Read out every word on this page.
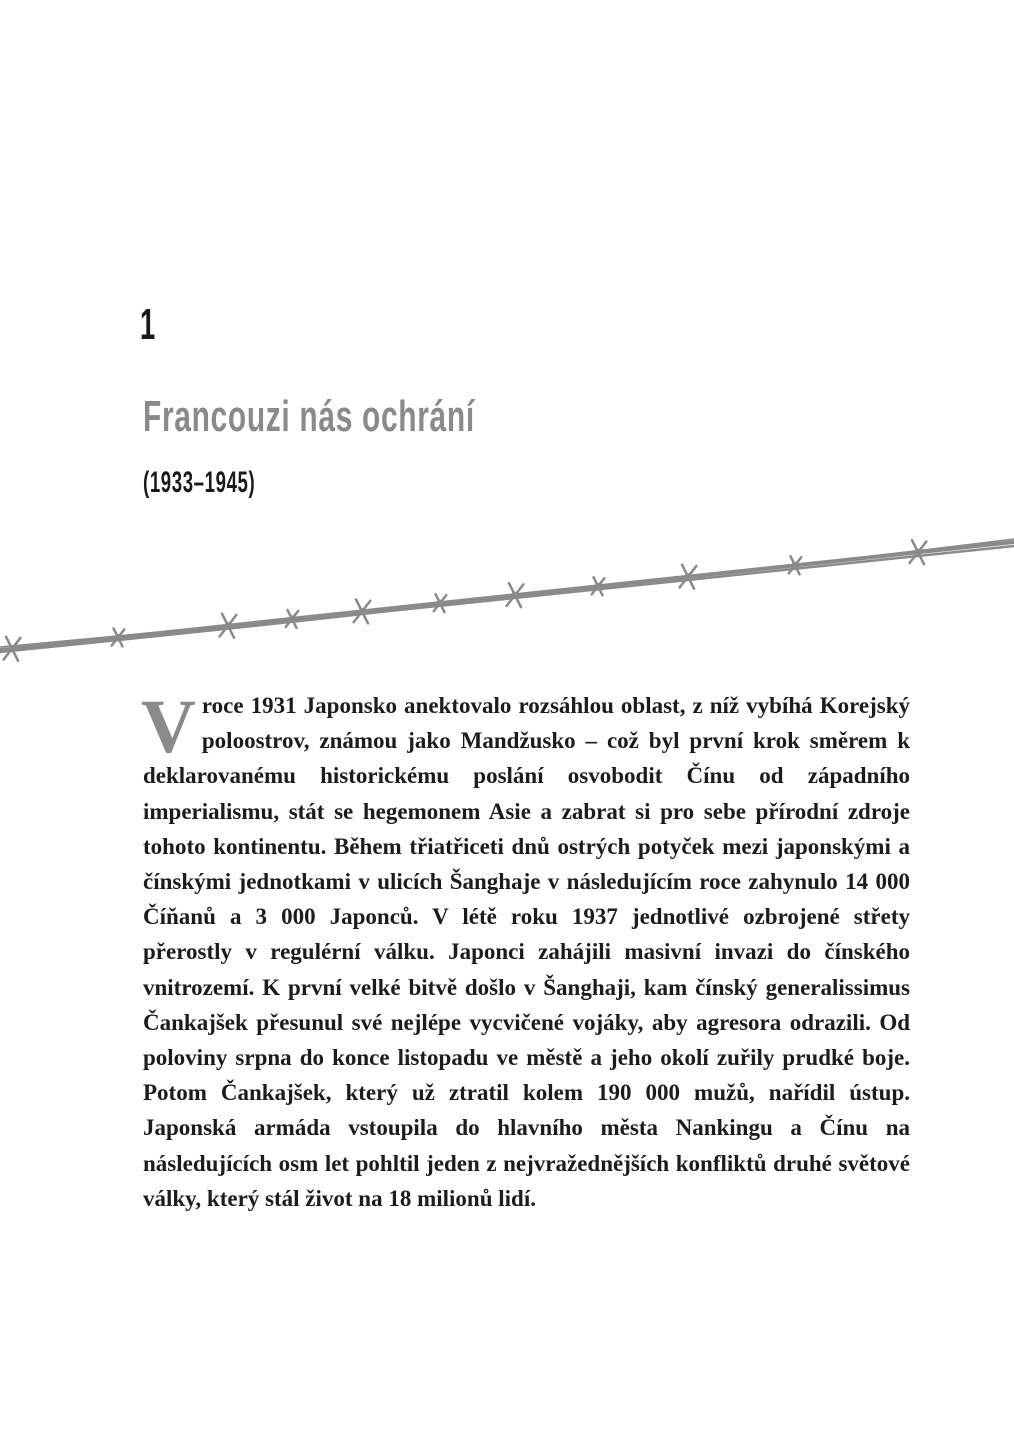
1
Francouzi nás ochrání
(1933–1945)
V roce 1931 Japonsko anektovalo rozsáhlou oblast, z níž vybíhá Korejský poloostrov, známou jako Mandžusko – což byl první krok směrem k deklarovanému historickému poslání osvobodit Čínu od západního imperialismu, stát se hegemonem Asie a zabrat si pro sebe přírodní zdroje tohoto kontinentu. Během třiatřiceti dnů ostrých potyček mezi japonskými a čínskými jednotkami v ulicích Šanghaje v následujícím roce zahynulo 14 000 Číňanů a 3 000 Japonců. V létě roku 1937 jednotlivé ozbrojené střety přerostly v regulérní válku. Japonci zahájili masivní invazi do čínského vnitrozemí. K první velké bitvě došlo v Šanghaji, kam čínský generalissimus Čankajšek přesunul své nejlépe vycvičené vojáky, aby agresora odrazili. Od poloviny srpna do konce listopadu ve městě a jeho okolí zuřily prudké boje. Potom Čankajšek, který už ztratil kolem 190 000 mužů, nařídil ústup. Japonská armáda vstoupila do hlavního města Nankingu a Čínu na následujících osm let pohltil jeden z nejvražednějších konfliktů druhé světové války, který stál život na 18 milionů lidí.
